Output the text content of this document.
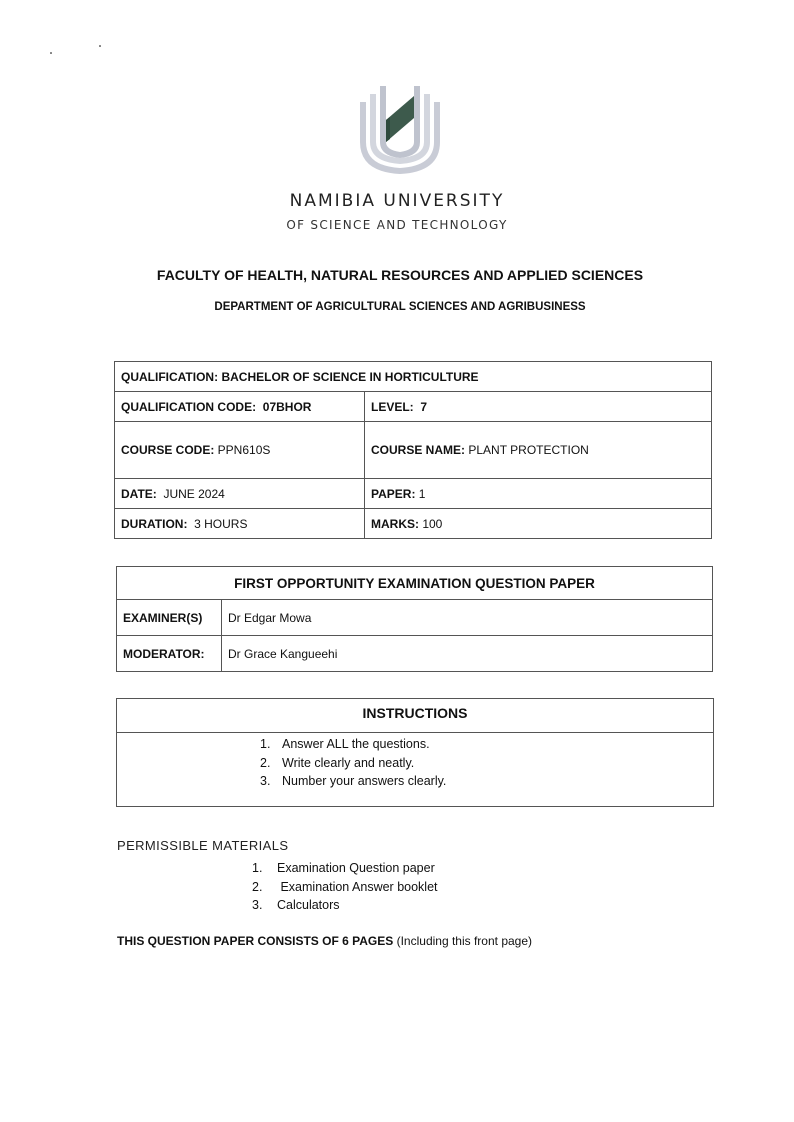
NAMIBIA UNIVERSITY
OF SCIENCE AND TECHNOLOGY
FACULTY OF HEALTH, NATURAL RESOURCES AND APPLIED SCIENCES
DEPARTMENT OF AGRICULTURAL SCIENCES AND AGRIBUSINESS
QUALIFICATION: BACHELOR OF SCIENCE IN HORTICULTURE	
QUALIFICATION CODE:  07BHOR	LEVEL:  7
COURSE CODE: PPN610S	COURSE NAME: PLANT PROTECTION
DATE:  JUNE 2024	PAPER: 1
DURATION:  3 HOURS	MARKS: 100
FIRST OPPORTUNITY EXAMINATION QUESTION PAPER	
EXAMINER(S)	Dr Edgar Mowa
MODERATOR:	Dr Grace Kangueehi
INSTRUCTIONS
1. Answer ALL the questions.
2. Write clearly and neatly.
3. Number your answers clearly.
PERMISSIBLE MATERIALS
1. Examination Question paper
2. Examination Answer booklet
3. Calculators
THIS QUESTION PAPER CONSISTS OF 6 PAGES (Including this front page)
